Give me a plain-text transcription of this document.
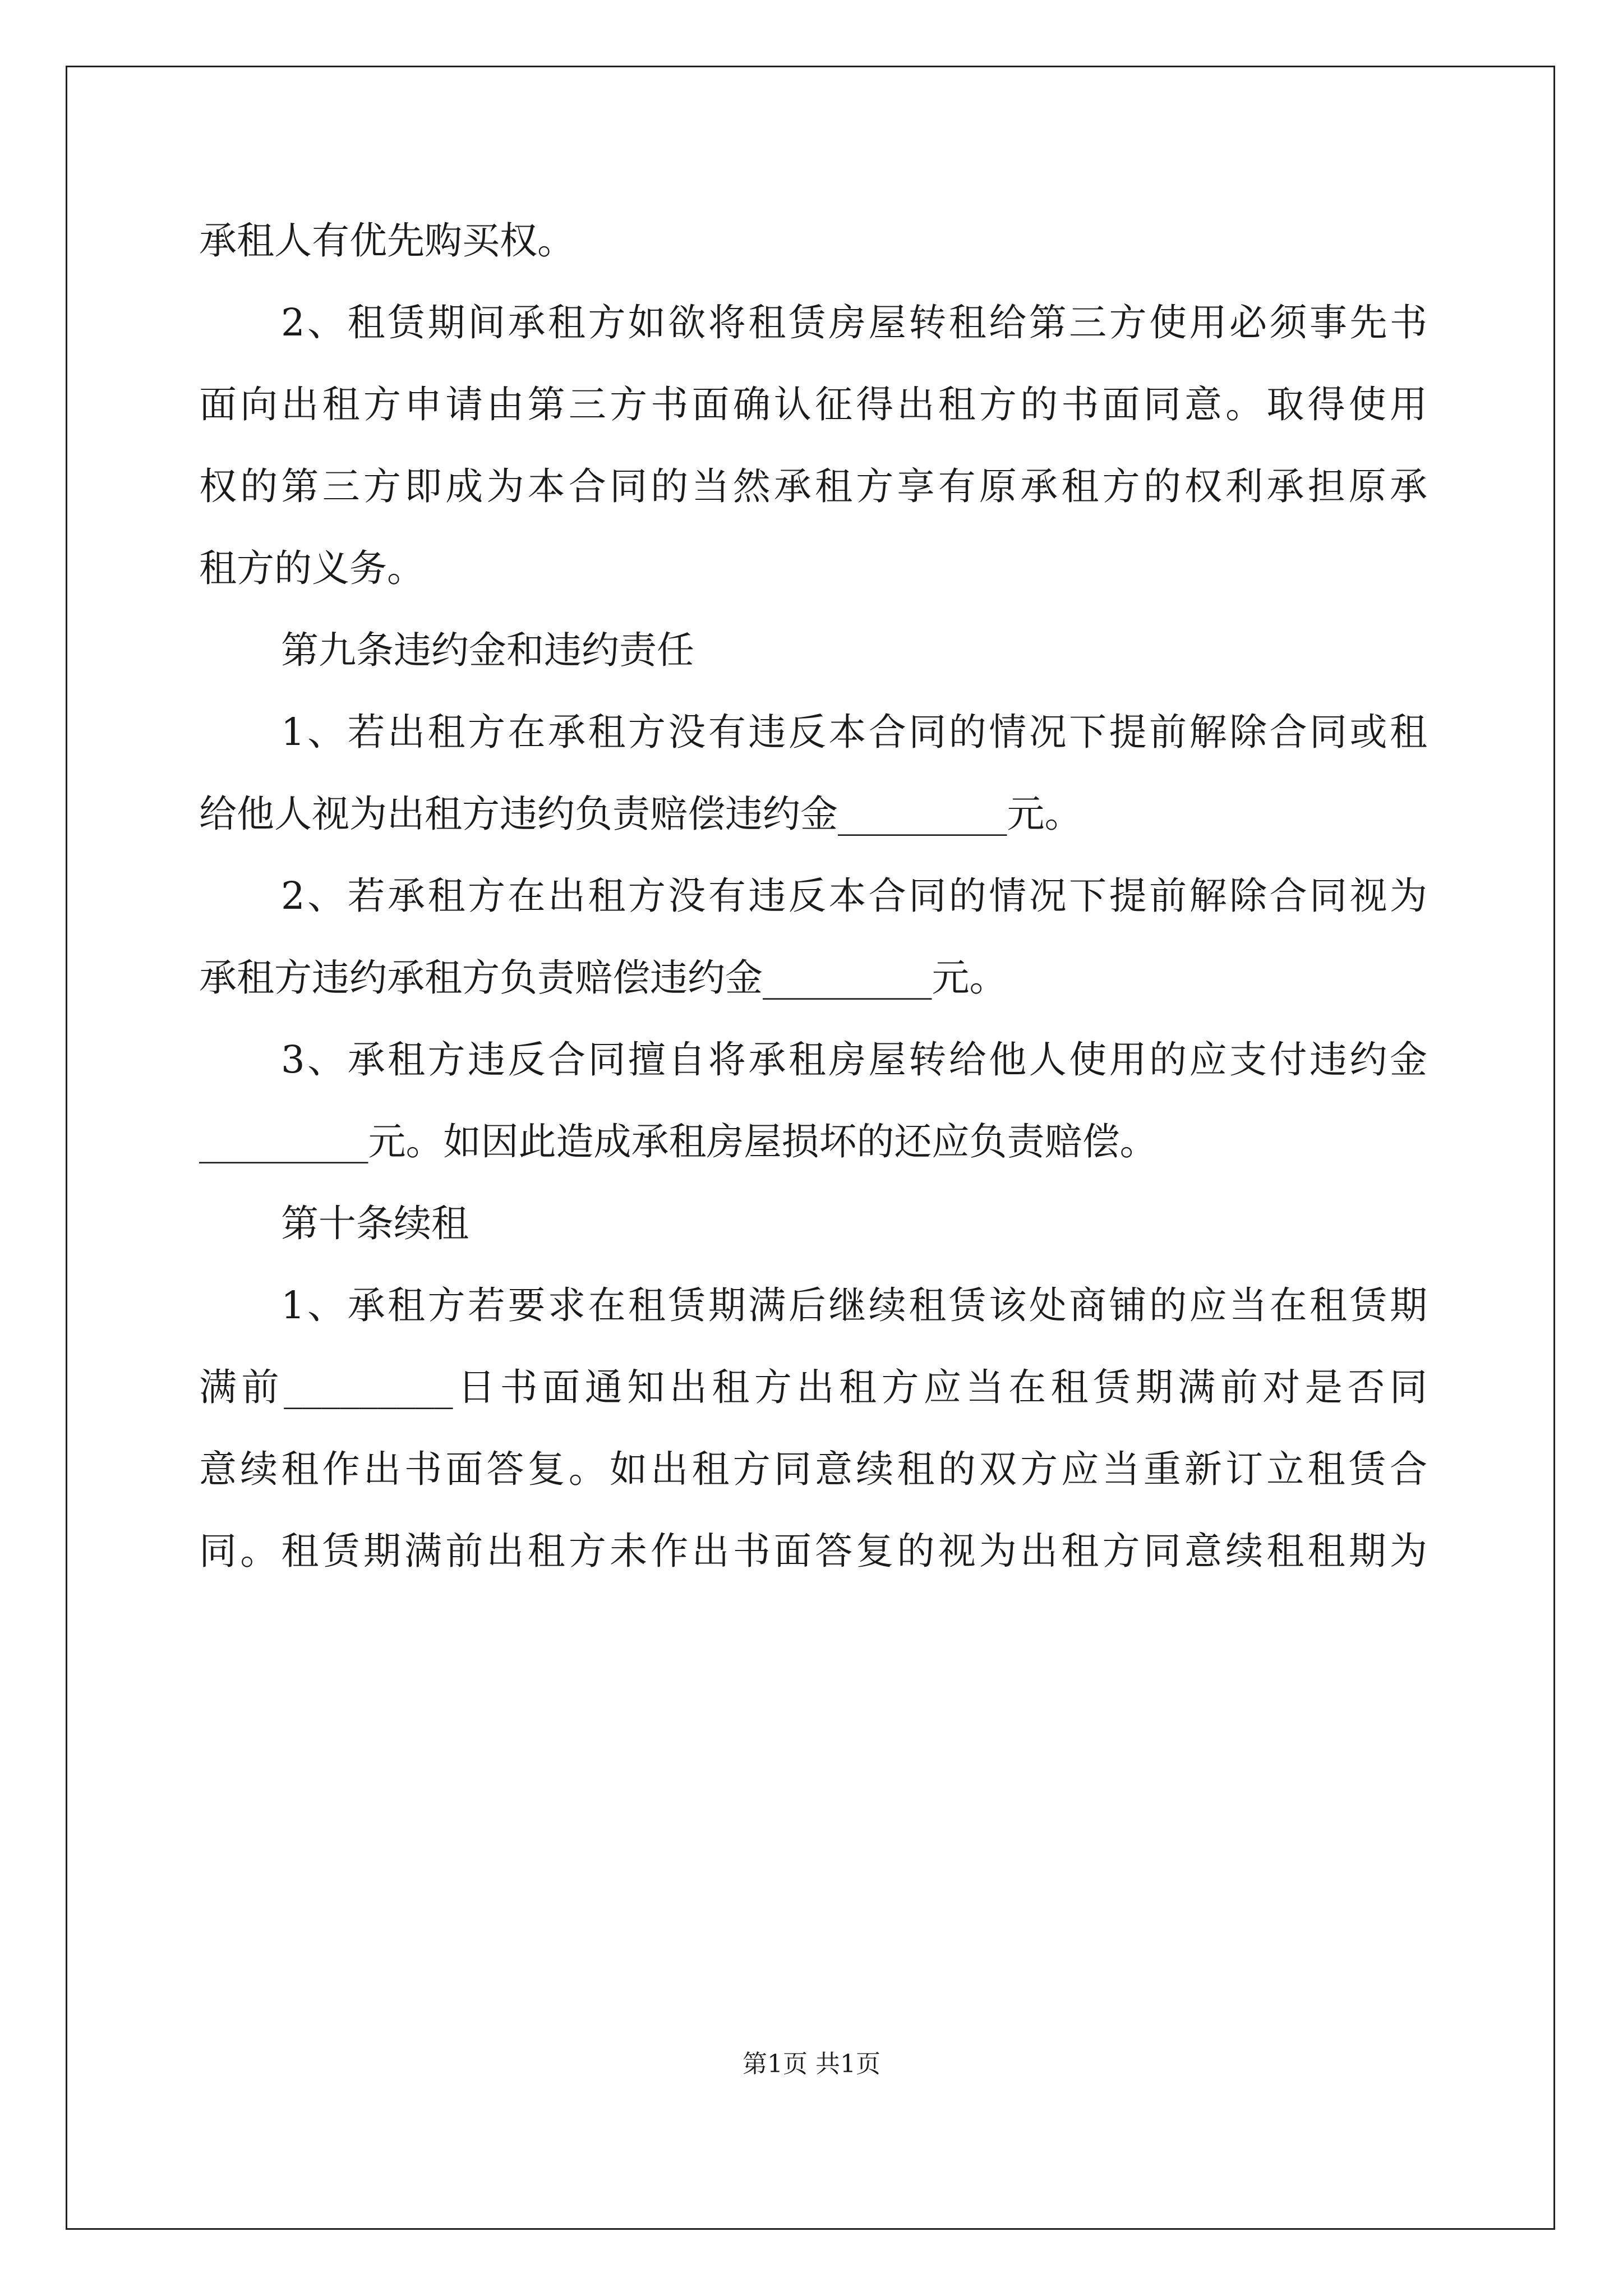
承租人有优先购买权。
2、租赁期间承租方如欲将租赁房屋转租给第三方使用必须事先书
面向出租方申请由第三方书面确认征得出租方的书面同意。取得使用
权的第三方即成为本合同的当然承租方享有原承租方的权利承担原承
租方的义务。
第九条违约金和违约责任
1、若出租方在承租方没有违反本合同的情况下提前解除合同或租
给他人视为出租方违约负责赔偿违约金_________元。
2、若承租方在出租方没有违反本合同的情况下提前解除合同视为
承租方违约承租方负责赔偿违约金_________元。
3、承租方违反合同擅自将承租房屋转给他人使用的应支付违约金
_________元。如因此造成承租房屋损坏的还应负责赔偿。
第十条续租
1、承租方若要求在租赁期满后继续租赁该处商铺的应当在租赁期
满前_________日书面通知出租方出租方应当在租赁期满前对是否同
意续租作出书面答复。如出租方同意续租的双方应当重新订立租赁合
同。租赁期满前出租方未作出书面答复的视为出租方同意续租租期为
第1页 共1页
